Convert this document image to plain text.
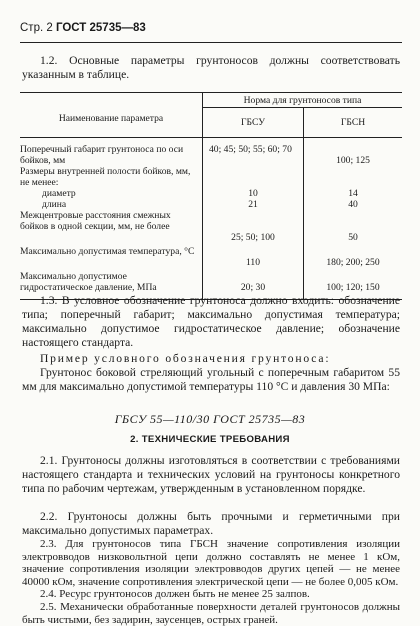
Стр. 2 ГОСТ 25735—83
1.2. Основные параметры грунтоносов должны соответствовать указанным в таблице.
Наименование параметра	Норма для грунтоносов типа	
	ГБСУ	ГБСН

Поперечный габарит грунтоноса по оси бойков, мм	40; 45; 50; 55; 60; 70	100; 125
Размеры внутренней полости бойков, мм, не менее:		
диаметр	10	14
длина	21	40
Межцентровые расстояния смежных бойков в одной секции, мм, не более	25; 50; 100	50
Максимально допустимая температура, °С	110	180; 200; 250
Максимально допустимое гидростатическое давление, МПа	20; 30	100; 120; 150
1.3. В условное обозначение грунтоноса должно входить: обозначение типа; поперечный габарит; максимально допустимая температура; максимально допустимое гидростатическое давление; обозначение настоящего стандарта.
Пример условного обозначения грунтоноса:
Грунтонос боковой стреляющий угольный с поперечным габаритом 55 мм для максимально допустимой температуры 110 °С и давления 30 МПа:
ГБСУ 55—110/30 ГОСТ 25735—83
2. ТЕХНИЧЕСКИЕ ТРЕБОВАНИЯ
2.1. Грунтоносы должны изготовляться в соответствии с требованиями настоящего стандарта и технических условий на грунтоносы конкретного типа по рабочим чертежам, утвержденным в установленном порядке.
2.2. Грунтоносы должны быть прочными и герметичными при максимально допустимых параметрах.
2.3. Для грунтоносов типа ГБСН значение сопротивления изоляции электровводов низковольтной цепи должно составлять не менее 1 кОм, значение сопротивления изоляции электровводов других цепей — не менее 40000 кОм, значение сопротивления электрической цепи — не более 0,005 кОм.
2.4. Ресурс грунтоносов должен быть не менее 25 залпов.
2.5. Механически обработанные поверхности деталей грунтоносов должны быть чистыми, без задирин, заусенцев, острых граней.
